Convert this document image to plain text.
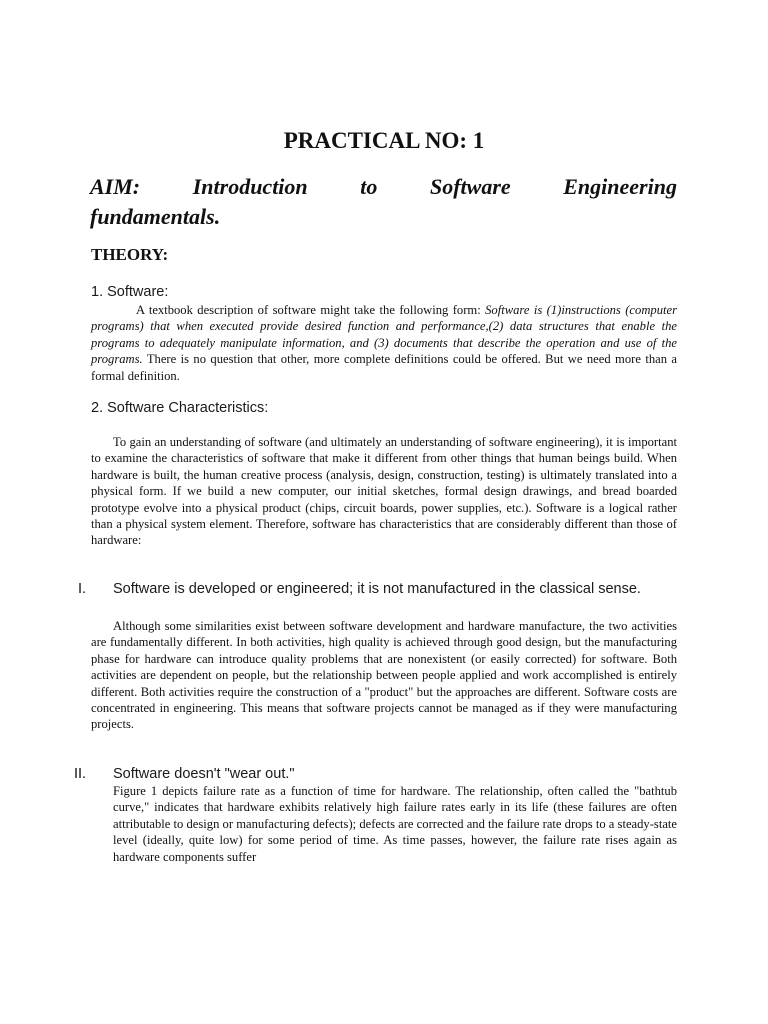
PRACTICAL NO: 1
AIM: Introduction to Software Engineering
fundamentals.
THEORY:
1. Software:

A textbook description of software might take the following form: Software is (1)instructions (computer programs) that when executed provide desired function and performance,(2) data structures that enable the programs to adequately manipulate information, and (3) documents that describe the operation and use of the programs. There is no question that other, more complete definitions could be offered. But we need more than a formal definition.

2. Software Characteristics:

To gain an understanding of software (and ultimately an understanding of software engineering), it is important to examine the characteristics of software that make it different from other things that human beings build. When hardware is built, the human creative process (analysis, design, construction, testing) is ultimately translated into a physical form. If we build a new computer, our initial sketches, formal design drawings, and bread boarded prototype evolve into a physical product (chips, circuit boards, power supplies, etc.). Software is a logical rather than a physical system element. Therefore, software has characteristics that are considerably different than those of hardware:

I. Software is developed or engineered; it is not manufactured in the classical sense.

Although some similarities exist between software development and hardware manufacture, the two activities are fundamentally different. In both activities, high quality is achieved through good design, but the manufacturing phase for hardware can introduce quality problems that are nonexistent (or easily corrected) for software. Both activities are dependent on people, but the relationship between people applied and work accomplished is entirely different. Both activities require the construction of a "product" but the approaches are different. Software costs are concentrated in engineering. This means that software projects cannot be managed as if they were manufacturing projects.

II. Software doesn't "wear out."

Figure 1 depicts failure rate as a function of time for hardware. The relationship, often called the "bathtub curve," indicates that hardware exhibits relatively high failure rates early in its life (these failures are often attributable to design or manufacturing defects); defects are corrected and the failure rate drops to a steady-state level (ideally, quite low) for some period of time. As time passes, however, the failure rate rises again as hardware components suffer
